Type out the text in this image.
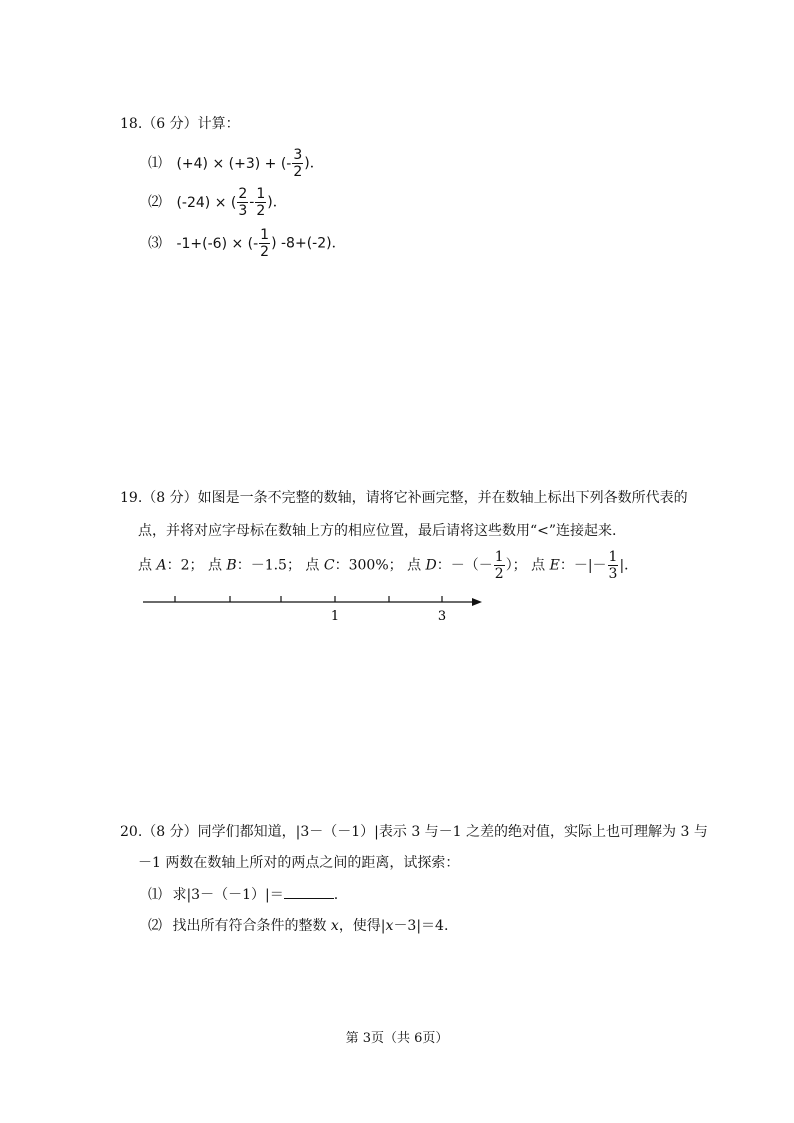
18.（6 分）计算：
⑴ (+4) × (+3) + (- $\frac{3}{2}$ )．
⑵ (-24) × ( $\frac{2}{3} - \frac{1}{2}$ )．
⑶ -1+(-6) × (- $\frac{1}{2}$ ) -8+(-2)．
19.（8 分）如图是一条不完整的数轴，请将它补画完整，并在数轴上标出下列各数所代表的
点，并将对应字母标在数轴上方的相应位置，最后请将这些数用“<”连接起来.
点 A：2； 点 B：－1.5； 点 C：300%； 点 D：－（－ $\frac{1}{2}$ ）； 点 E：－|－ $\frac{1}{3}$ |．
1	3
20.（8 分）同学们都知道，|3－（－1）|表示 3 与－1 之差的绝对值，实际上也可理解为 3 与
－1 两数在数轴上所对的两点之间的距离，试探索：
⑴ 求|3－（－1）|＝	.
⑵ 找出所有符合条件的整数 x，使得|x－3|＝4.
第 3页（共 6页）
